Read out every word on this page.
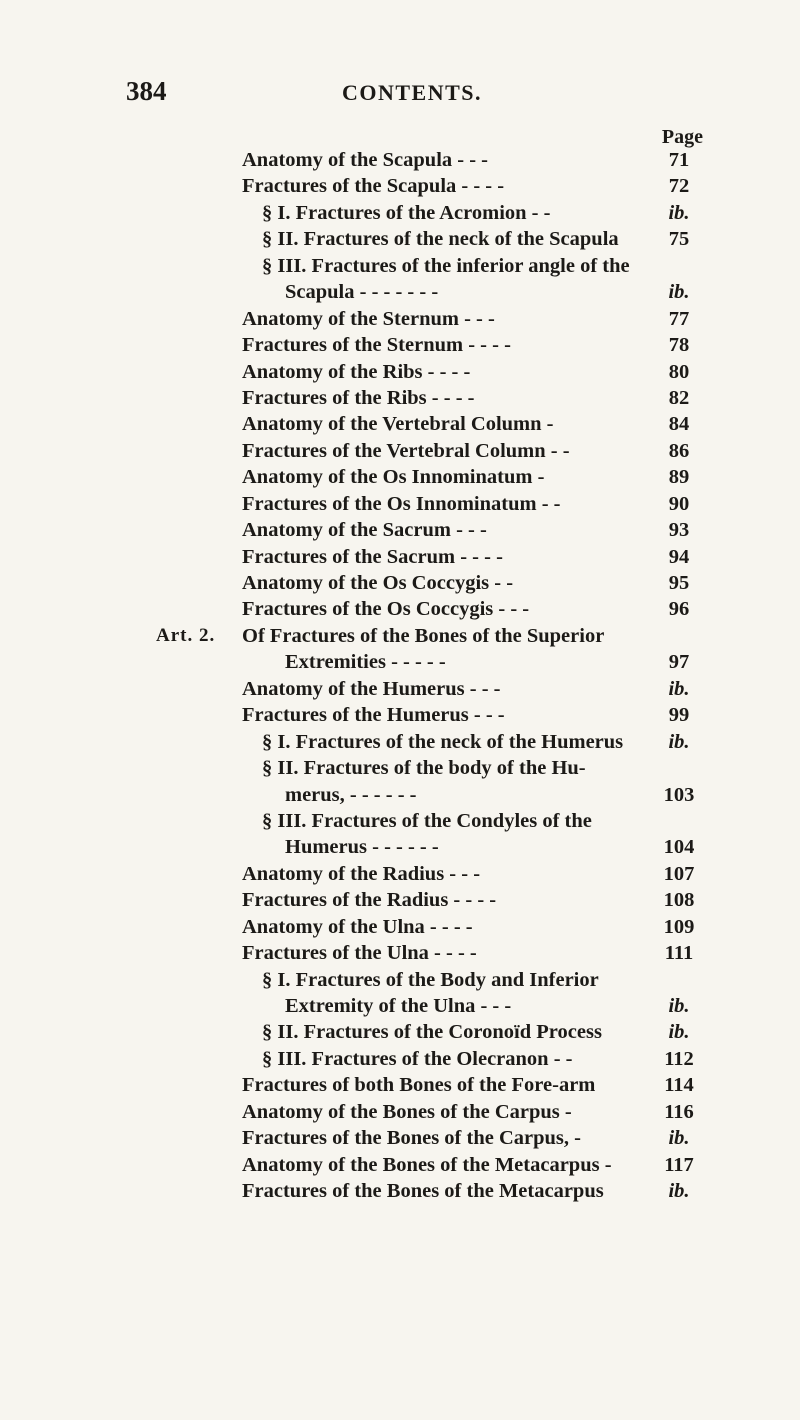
384	CONTENTS.
Page
Anatomy of the Scapula - - -	71
Fractures of the Scapula - - - -	72
§ I. Fractures of the Acromion - -	ib.
§ II. Fractures of the neck of the Scapula	75
§ III. Fractures of the inferior angle of the
Scapula - - - - - - -	ib.
Anatomy of the Sternum - - -	77
Fractures of the Sternum - - - -	78
Anatomy of the Ribs - - - -	80
Fractures of the Ribs - - - -	82
Anatomy of the Vertebral Column -	84
Fractures of the Vertebral Column - -	86
Anatomy of the Os Innominatum -	89
Fractures of the Os Innominatum - -	90
Anatomy of the Sacrum - - -	93
Fractures of the Sacrum - - - -	94
Anatomy of the Os Coccygis - -	95
Fractures of the Os Coccygis - - -	96
Art. 2. Of Fractures of the Bones of the Superior
Extremities - - - - -	97
Anatomy of the Humerus - - -	ib.
Fractures of the Humerus - - -	99
§ I. Fractures of the neck of the Humerus	ib.
§ II. Fractures of the body of the Hu-
merus, - - - - - -	103
§ III. Fractures of the Condyles of the
Humerus - - - - - -	104
Anatomy of the Radius - - -	107
Fractures of the Radius - - - -	108
Anatomy of the Ulna - - - -	109
Fractures of the Ulna - - - -	111
§ I. Fractures of the Body and Inferior
Extremity of the Ulna - - -	ib.
§ II. Fractures of the Coronoïd Process	ib.
§ III. Fractures of the Olecranon - -	112
Fractures of both Bones of the Fore-arm	114
Anatomy of the Bones of the Carpus -	116
Fractures of the Bones of the Carpus, -	ib.
Anatomy of the Bones of the Metacarpus -	117
Fractures of the Bones of the Metacarpus	ib.
